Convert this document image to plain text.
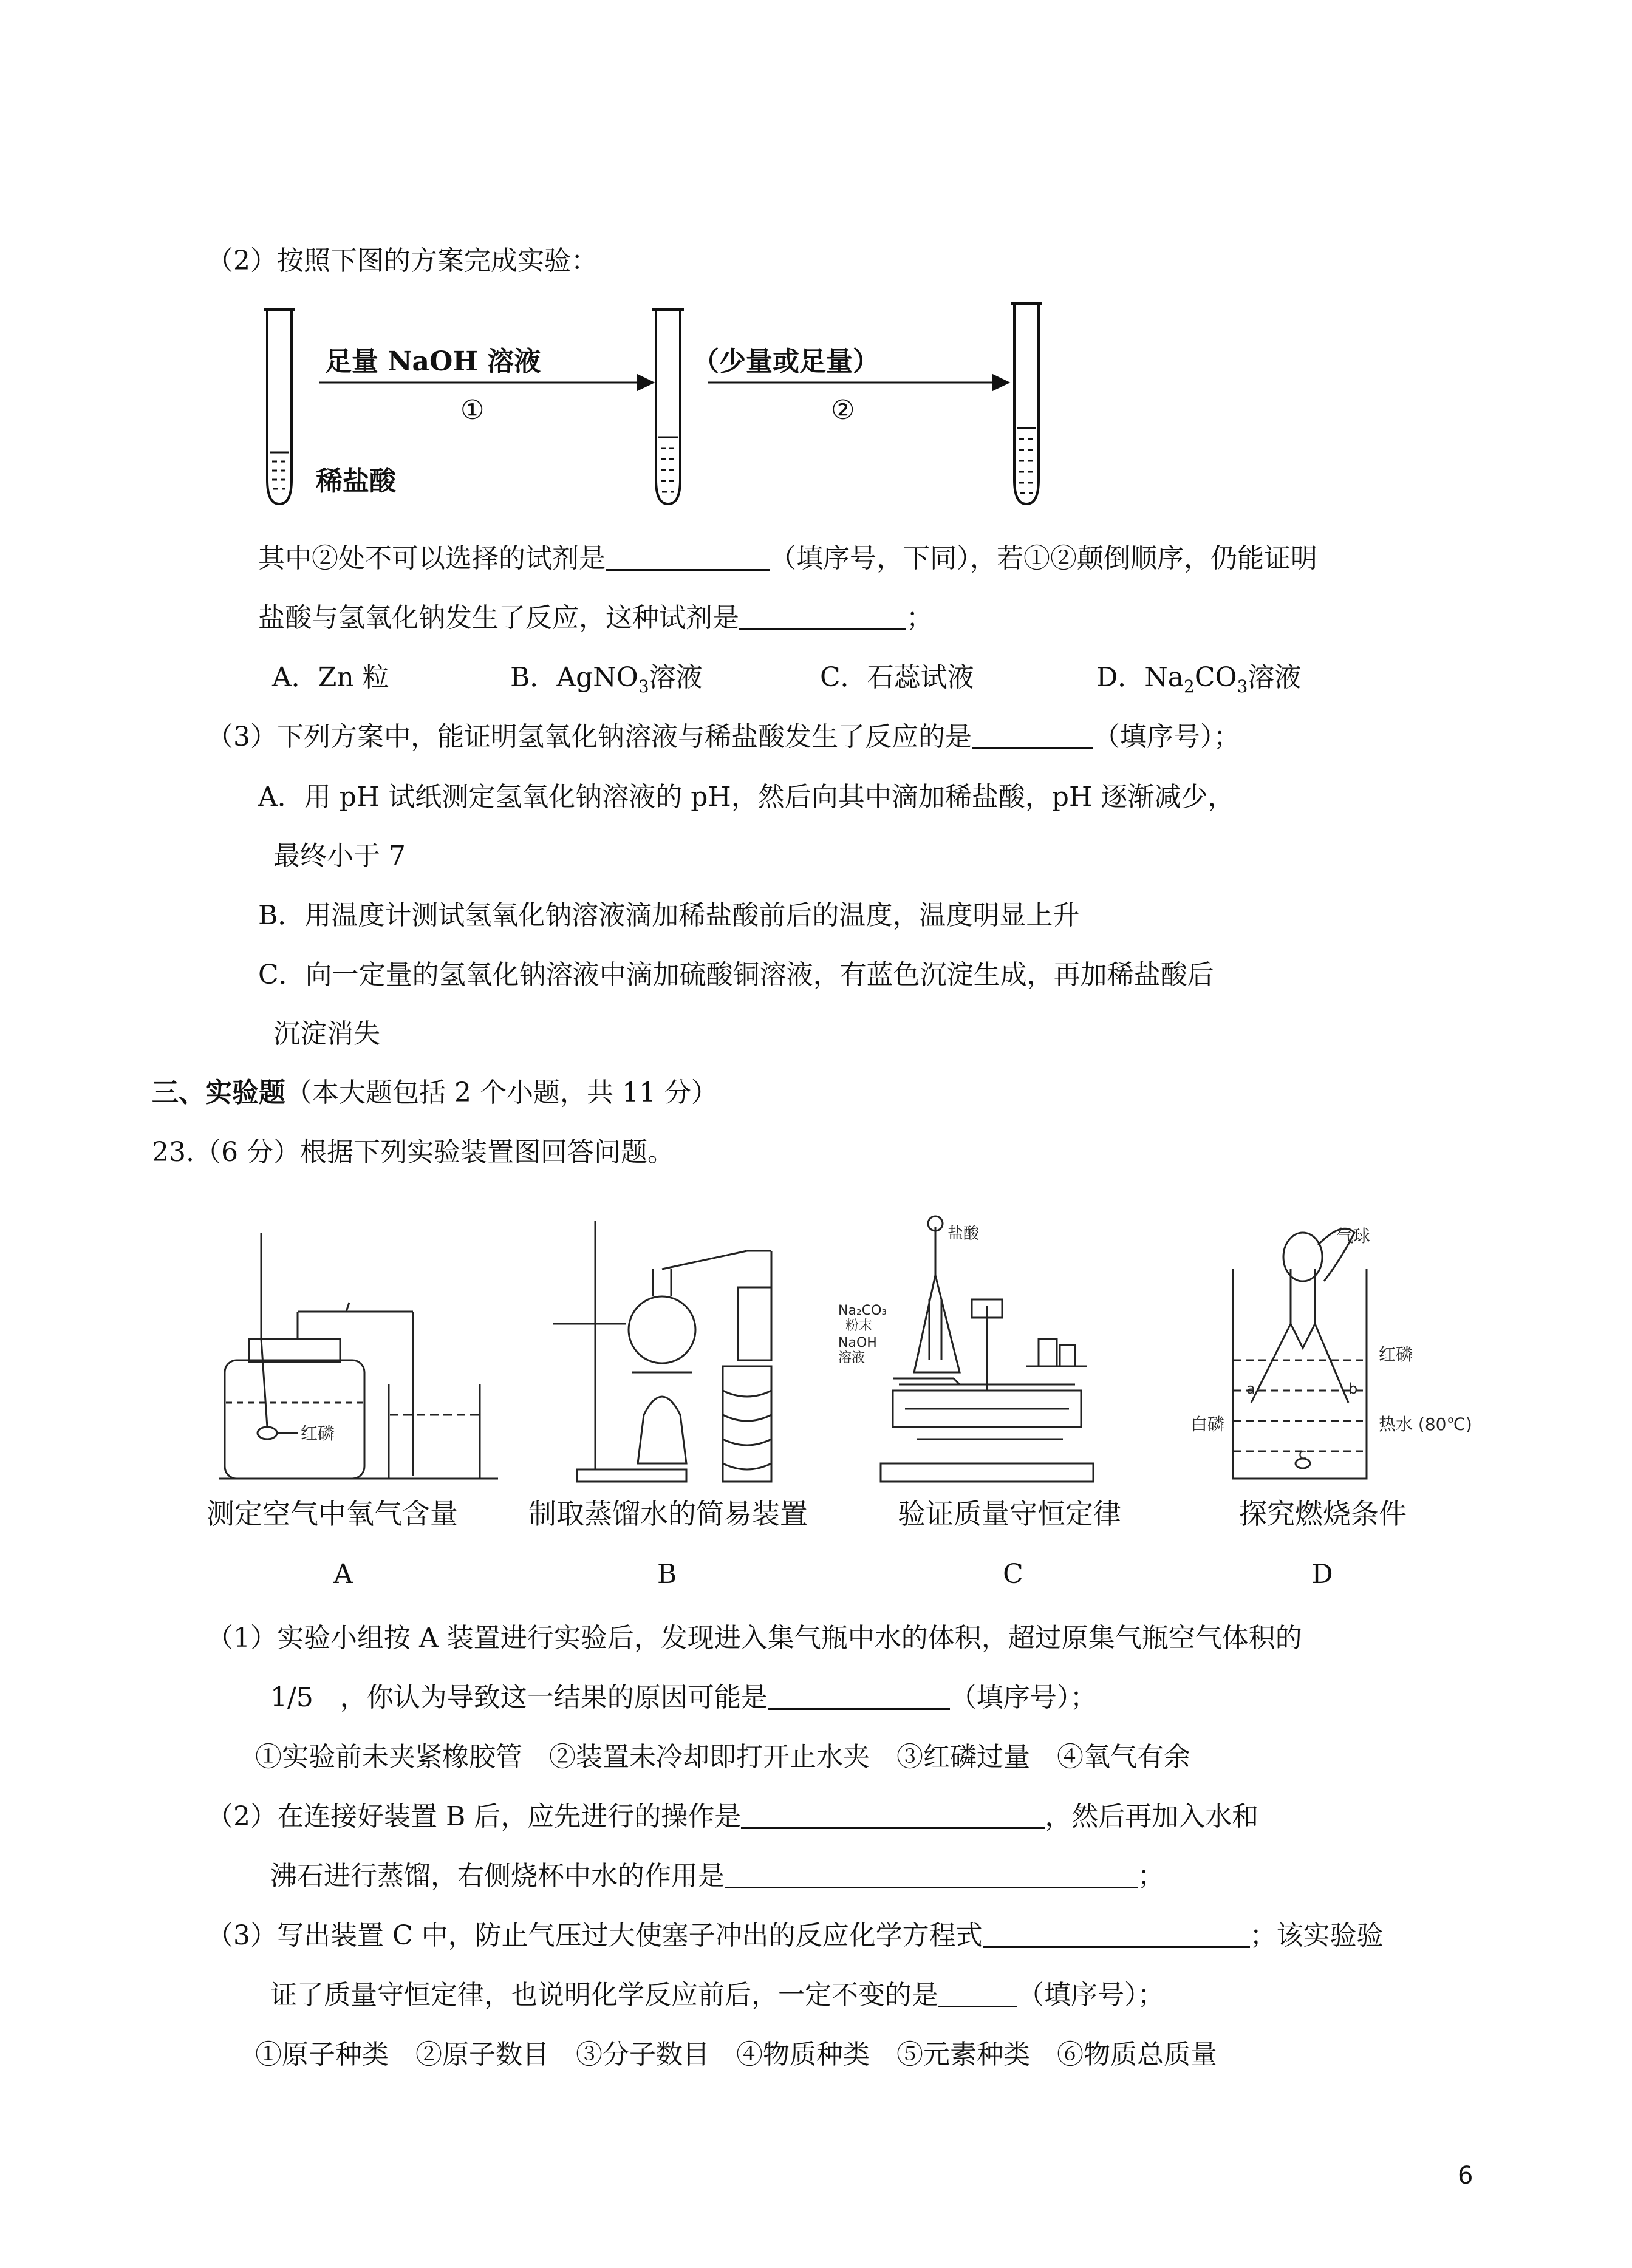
（2）按照下图的方案完成实验：
足量 NaOH 溶液
①
（少量或足量）
②
稀盐酸
其中②处不可以选择的试剂是	（填序号，下同），若①②颠倒顺序，仍能证明
盐酸与氢氧化钠发生了反应，这种试剂是	；
A．Zn 粒	B．AgNO$_3$溶液	C．石蕊试液	D．$Na_2CO_3$溶液
（3）下列方案中，能证明氢氧化钠溶液与稀盐酸发生了反应的是	（填序号）；
A．用 pH 试纸测定氢氧化钠溶液的 pH，然后向其中滴加稀盐酸，pH 逐渐减少，
最终小于 7
B．用温度计测试氢氧化钠溶液滴加稀盐酸前后的温度，温度明显上升
C．向一定量的氢氧化钠溶液中滴加硫酸铜溶液，有蓝色沉淀生成，再加稀盐酸后
沉淀消失
三、实验题（本大题包括 2 个小题，共 11 分）
23.（6 分）根据下列实验装置图回答问题。
红磷
盐酸
Na₂CO₃
粉末
NaOH
溶液
气球
红磷
白磷	热水 (80℃)
a	b
c
测定空气中氧气含量	制取蒸馏水的简易装置	验证质量守恒定律	探究燃烧条件
A	B	C	D
（1）实验小组按 A 装置进行实验后，发现进入集气瓶中水的体积，超过原集气瓶空气体积的
1/5　，你认为导致这一结果的原因可能是	（填序号）；
①实验前未夹紧橡胶管　②装置未冷却即打开止水夹　③红磷过量　④氧气有余
（2）在连接好装置 B 后，应先进行的操作是	，然后再加入水和
沸石进行蒸馏，右侧烧杯中水的作用是	；
（3）写出装置 C 中，防止气压过大使塞子冲出的反应化学方程式	；该实验验
证了质量守恒定律，也说明化学反应前后，一定不变的是	（填序号）；
①原子种类　②原子数目　③分子数目　④物质种类　⑤元素种类　⑥物质总质量
6
